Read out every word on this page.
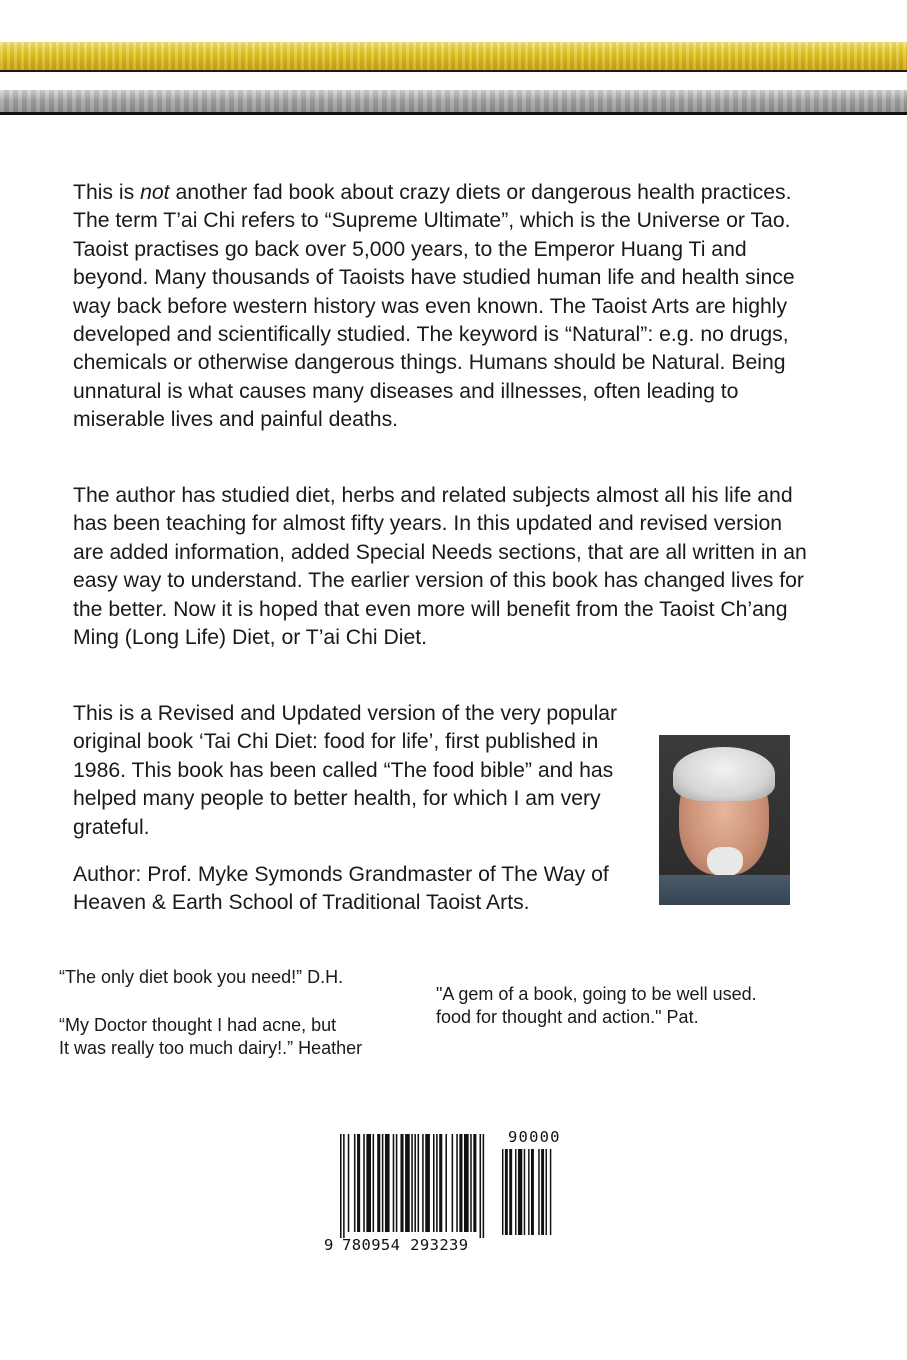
This is not another fad book about crazy diets or dangerous health practices. The term T’ai Chi refers to “Supreme Ultimate”, which is the Universe or Tao. Taoist practises go back over 5,000 years, to the Emperor Huang Ti and beyond. Many thousands of Taoists have studied human life and health since way back before western history was even known. The Taoist Arts are highly developed and scientifically studied. The keyword is “Natural”: e.g. no drugs, chemicals or otherwise dangerous things. Humans should be Natural. Being unnatural is what causes many diseases and illnesses, often leading to miserable lives and painful deaths.

The author has studied diet, herbs and related subjects almost all his life and has been teaching for almost fifty years. In this updated and revised version are added information, added Special Needs sections, that are all written in an easy way to understand. The earlier version of this book has changed lives for the better. Now it is hoped that even more will benefit from the Taoist Ch’ang Ming (Long Life) Diet, or T’ai Chi Diet.

This is a Revised and Updated version of the very popular original book ‘Tai Chi Diet: food for life’, first published in 1986. This book has been called “The food bible” and has helped many people to better health, for which I am very grateful.

Author: Prof. Myke Symonds Grandmaster of The Way of Heaven & Earth School of Traditional Taoist Arts.

“The only diet book you need!” D.H.

“My Doctor thought I had acne, but
It was really too much dairy!.” Heather

"A gem of a book, going to be well used.
food for thought and action." Pat.

9 780954 293239
90000
